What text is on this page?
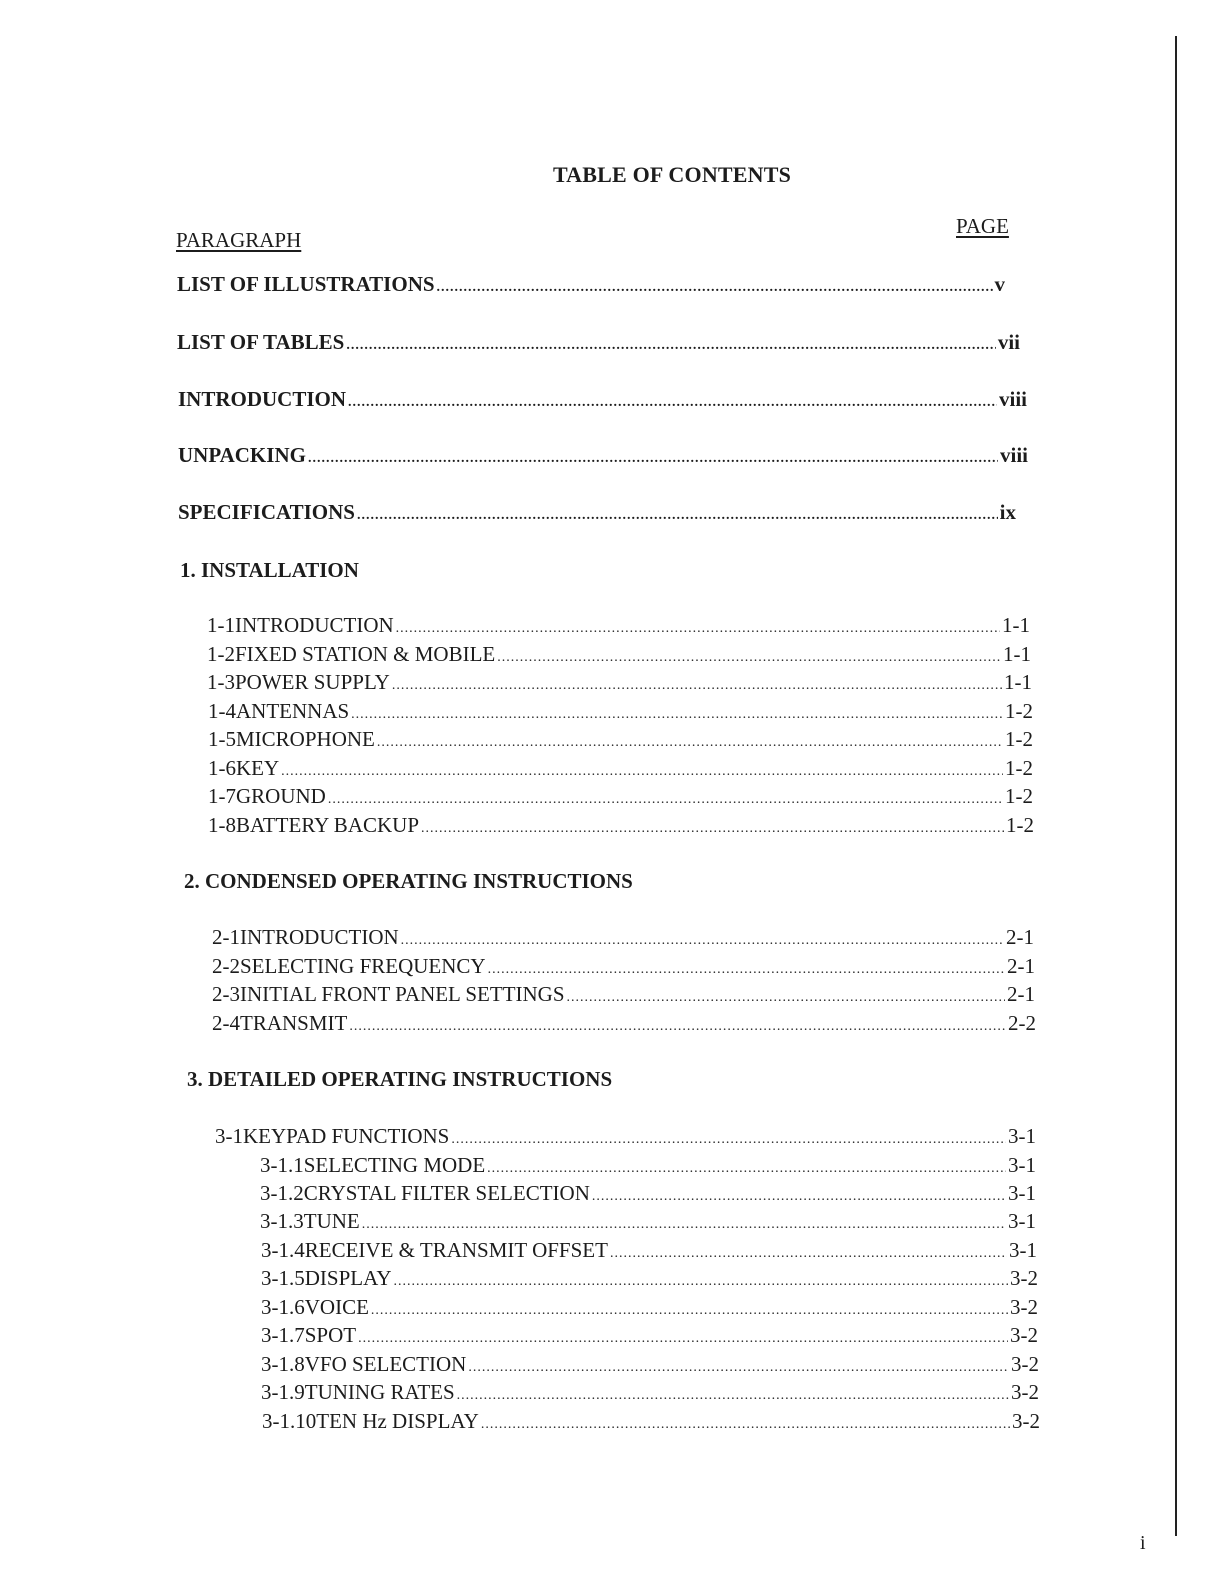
TABLE OF CONTENTS
PARAGRAPH
PAGE
LIST OF ILLUSTRATIONS .....	v
LIST OF TABLES .....	vii
INTRODUCTION .....	viii
UNPACKING .....	viii
SPECIFICATIONS .....	ix
1. INSTALLATION
1-1 INTRODUCTION .....	1-1
1-2 FIXED STATION & MOBILE .....	1-1
1-3 POWER SUPPLY .....	1-1
1-4 ANTENNAS .....	1-2
1-5 MICROPHONE .....	1-2
1-6 KEY .....	1-2
1-7 GROUND .....	1-2
1-8 BATTERY BACKUP .....	1-2
2. CONDENSED OPERATING INSTRUCTIONS
2-1 INTRODUCTION .....	2-1
2-2 SELECTING FREQUENCY .....	2-1
2-3 INITIAL FRONT PANEL SETTINGS .....	2-1
2-4 TRANSMIT .....	2-2
3. DETAILED OPERATING INSTRUCTIONS
3-1 KEYPAD FUNCTIONS .....	3-1
3-1.1 SELECTING MODE .....	3-1
3-1.2 CRYSTAL FILTER SELECTION .....	3-1
3-1.3 TUNE .....	3-1
3-1.4 RECEIVE & TRANSMIT OFFSET .....	3-1
3-1.5 DISPLAY .....	3-2
3-1.6 VOICE .....	3-2
3-1.7 SPOT .....	3-2
3-1.8 VFO SELECTION .....	3-2
3-1.9 TUNING RATES .....	3-2
3-1.10 TEN Hz DISPLAY .....	3-2
i
